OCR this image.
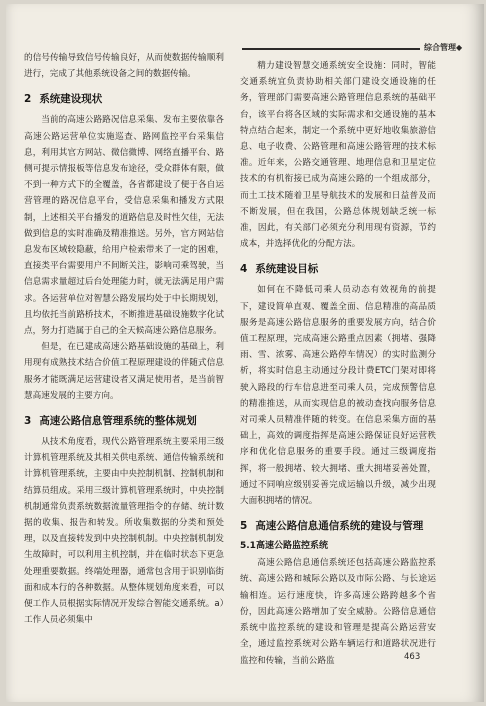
综合管理◆

的信号传输导致信号传输良好，从而使数据传输顺利进行，完成了其他系统设备之间的数据传输。

2 系统建设现状

当前的高速公路路况信息采集、发布主要依靠各高速公路运营单位实施巡查、路网监控平台采集信息，利用其官方网站、微信微博、网络直播平台、路侧可提示情报板等信息发布途径，受众群体有限，做不到一种方式下的全覆盖，各省都建设了便于各自运营管理的路况信息平台，受信息采集和播发方式限制，上述相关平台播发的道路信息及时性欠佳，无法做到信息的实时准确及精准推送。另外，官方网站信息发布区域较隐蔽，给用户检索带来了一定的困难，直接类平台需要用户不间断关注，影响司乘驾驶，当信息需求量超过后台处理能力时，就无法满足用户需求。各运营单位对智慧公路发展均处于中长期规划，且均依托当前路桥技术，不断推进基础设施数字化试点，努力打造属于自己的全天候高速公路信息服务。

但是，在已建成高速公路基础设施的基础上，利用现有成熟技术结合价值工程原理建设的伴随式信息服务才能既满足运营建设者又满足使用者，是当前智慧高速发展的主要方向。

3 高速公路信息管理系统的整体规划

从技术角度看，现代公路管理系统主要采用三级计算机管理系统及其相关供电系统、通信传输系统和计算机管理系统，主要由中央控制机制、控制机制和结算员组成。采用三级计算机管理系统时，中央控制机制通常负责系统数据流量管理指令的存储、统计数据的收集、报告和转发。所收集数据的分类和预处理，以及直接转发到中央控制机制。中央控制机制发生故障时，可以利用主机控制，并在临时状态下更急处理重要数据。终端处理器，通常包含用于识别临街面和成本行的各种数据。从整体规划角度来看，可以便工作人员根据实际情况开发综合智能交通系统。a）工作人员必须集中

精力建设智慧交通系统安全设施：同时，智能交通系统宜负责协助相关部门建设交通设施的任务，管理部门需要高速公路管理信息系统的基础平台，该平台将各区域的实际需求和交通设施的基本特点结合起来，制定一个系统中更好地收集旅游信息、电子收费、公路管理和高速公路管理的技术标准。近年来，公路交通管理、地理信息和卫星定位技术的有机衔接已成为高速公路的一个组成部分，而土工技术随着卫星导航技术的发展和日益普及而不断发展，但在我国，公路总体规划缺乏统一标准，因此，有关部门必须充分利用现有资源，节约成本，并选择优化的分配方法。

4 系统建设目标

如何在不降低司乘人员动态有效视角的前提下，建设简单直观、覆盖全面、信息精准的高品质服务是高速公路信息服务的重要发展方向，结合价值工程原理，完成高速公路重点因素（拥堵、强降雨、雪、浓雾、高速公路停车情况）的实时监测分析，将实时信息主动通过分段计费ETC门架对即将驶入路段的行车信息进至司乘人员，完成预警信息的精准推送，从而实现信息的被动查找向服务信息对司乘人员精准伴随的转变。在信息采集方面的基础上，高效的调度指挥是高速公路保证良好运营秩序和优化信息服务的重要手段。通过三级调度指挥，将一般拥堵、较大拥堵、重大拥堵妥善处置，通过不同响应级别妥善完成运输以升级，减少出现大面积拥堵的情况。

5 高速公路信息通信系统的建设与管理
5.1高速公路监控系统

高速公路信息通信系统还包括高速公路监控系统、高速公路和城际公路以及市际公路、与长途运输相连。运行速度快，许多高速公路跨越多个省份，因此高速公路增加了安全威胁。公路信息通信系统中监控系统的建设和管理是提高公路运营安全，通过监控系统对公路车辆运行和道路状况进行监控和传输，当前公路监	463
